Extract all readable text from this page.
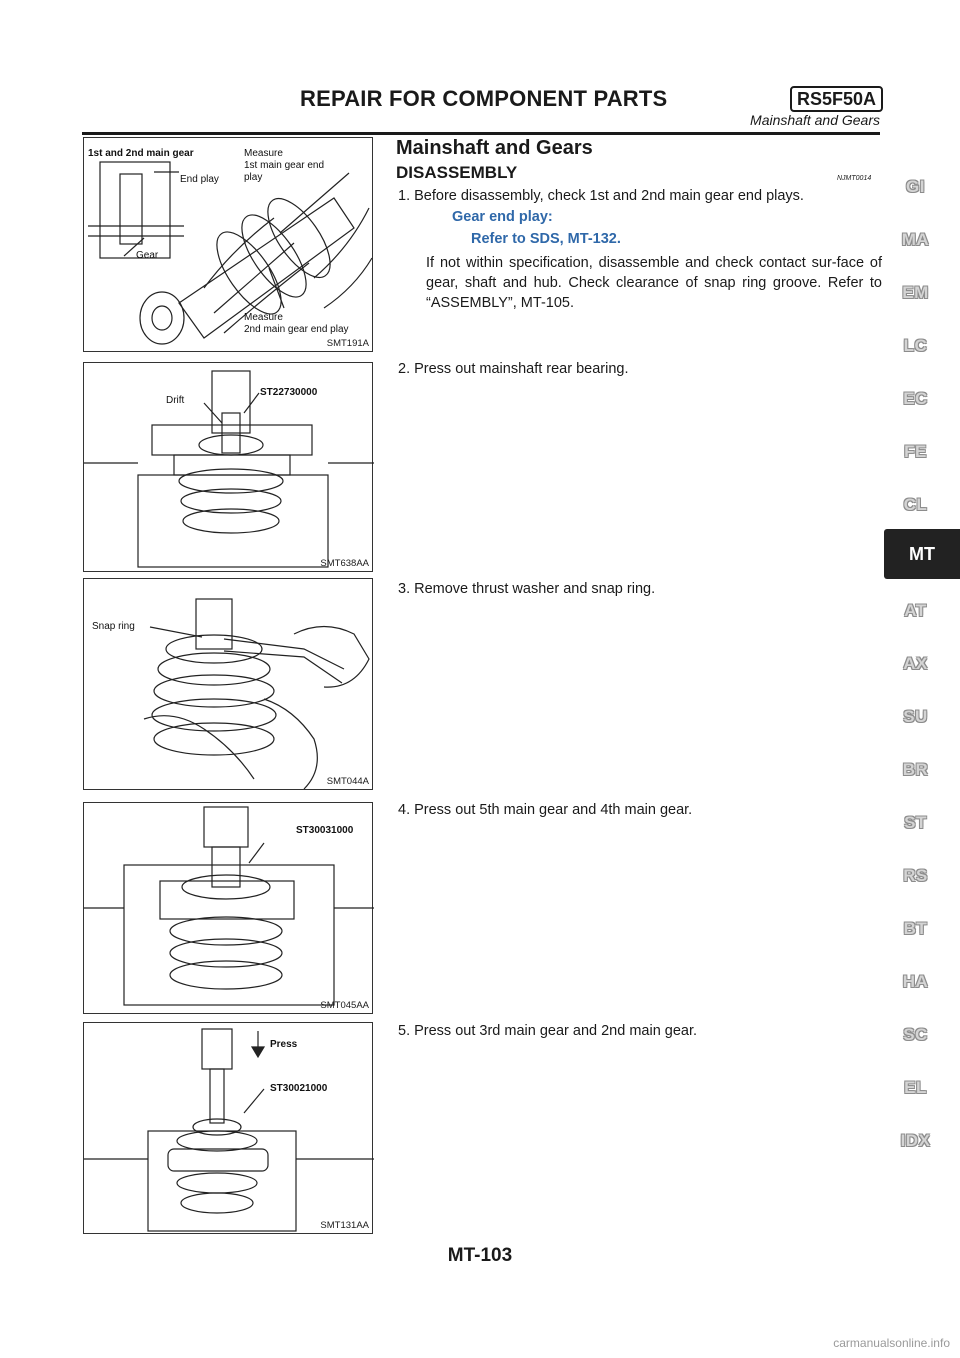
REPAIR FOR COMPONENT PARTS	RS5F50A
Mainshaft and Gears
1st and 2nd main gear
End play
Gear
Measure
1st main gear end
play
Measure
2nd main gear end play
SMT191A
Drift
ST22730000
SMT638AA
Snap ring
SMT044A
ST30031000
SMT045AA
Press
ST30021000
SMT131AA
Mainshaft and Gears
DISASSEMBLY	NJMT0014
1. Before disassembly, check 1st and 2nd main gear end plays.
Gear end play:
Refer to SDS, MT-132.
If not within specification, disassemble and check contact sur-face of gear, shaft and hub. Check clearance of snap ring groove. Refer to “ASSEMBLY”, MT-105.
2. Press out mainshaft rear bearing.
3. Remove thrust washer and snap ring.
4. Press out 5th main gear and 4th main gear.
5. Press out 3rd main gear and 2nd main gear.
GI
MA
EM
LC
EC
FE
CL
MT
AT
AX
SU
BR
ST
RS
BT
HA
SC
EL
IDX
MT-103
carmanualsonline.info
